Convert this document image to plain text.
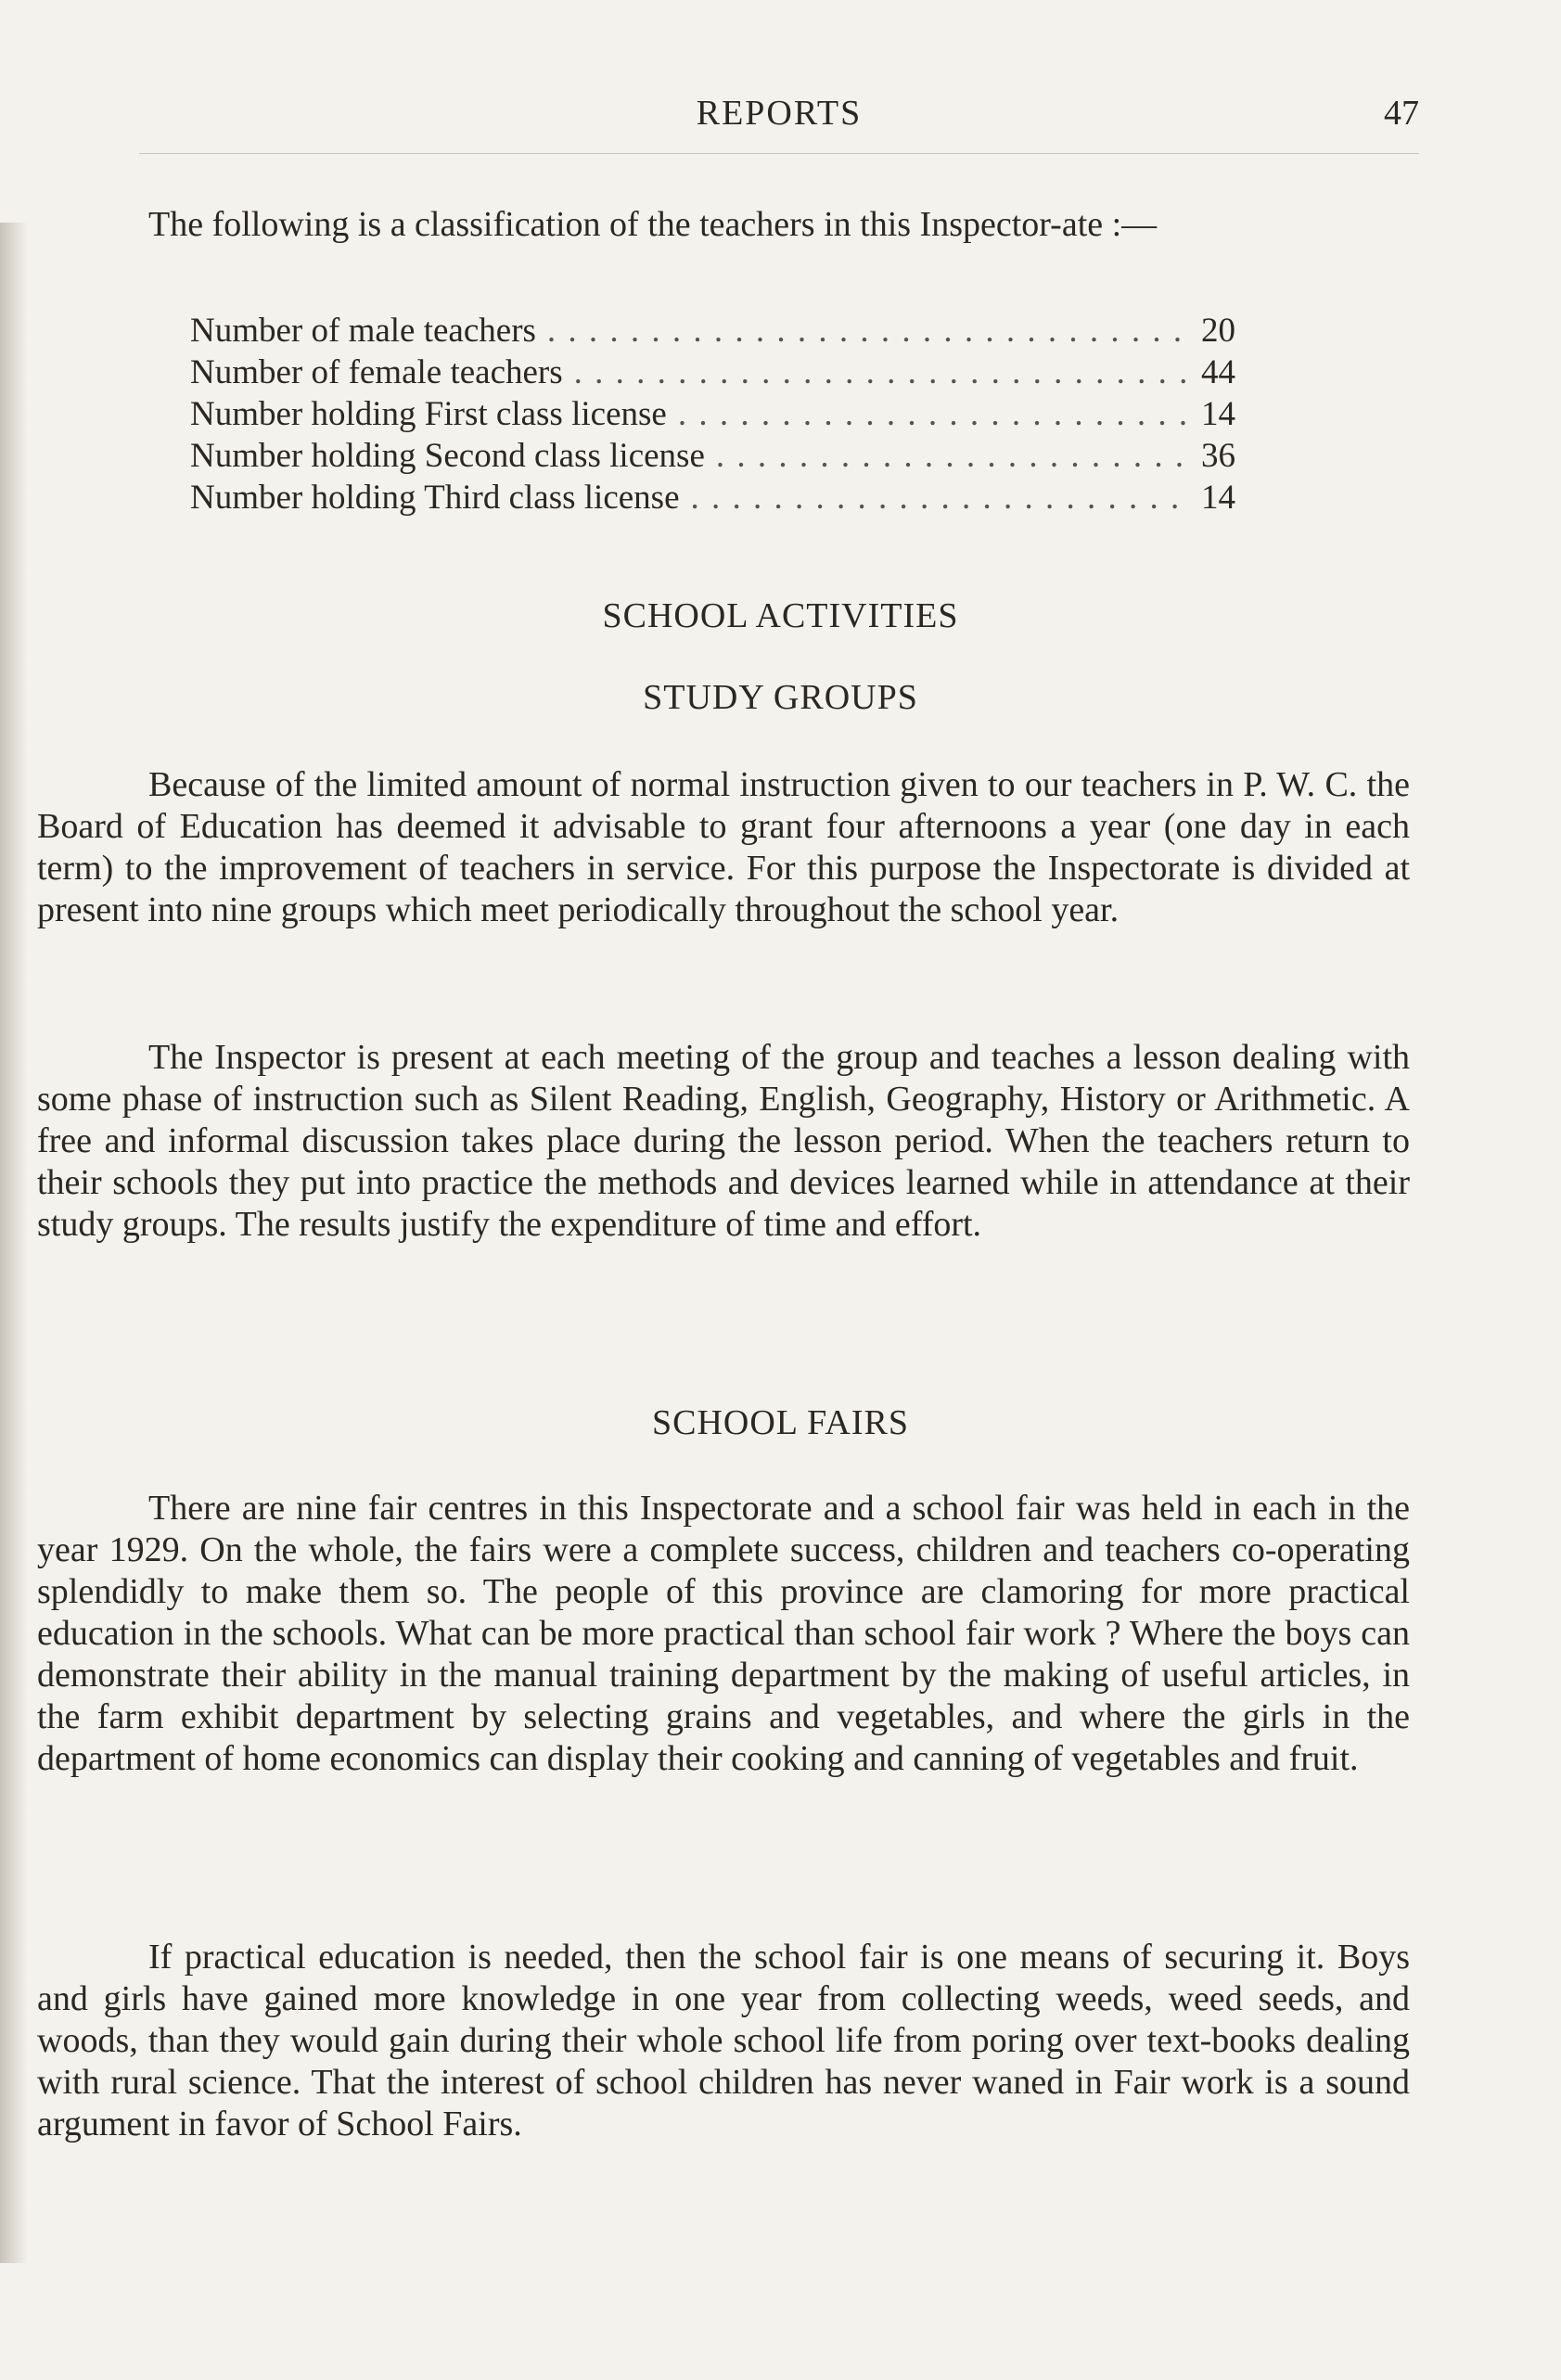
REPORTS	47

The following is a classification of the teachers in this Inspector-ate :—

Number of male teachers . . .	20
Number of female teachers . . .	44
Number holding First class license . . .	14
Number holding Second class license . . .	36
Number holding Third class license . . .	14
SCHOOL ACTIVITIES
STUDY GROUPS

Because of the limited amount of normal instruction given to our teachers in P. W. C. the Board of Education has deemed it advisable to grant four afternoons a year (one day in each term) to the improvement of teachers in service. For this purpose the Inspectorate is divided at present into nine groups which meet periodically throughout the school year.

The Inspector is present at each meeting of the group and teaches a lesson dealing with some phase of instruction such as Silent Reading, English, Geography, History or Arithmetic. A free and informal discussion takes place during the lesson period. When the teachers return to their schools they put into practice the methods and devices learned while in attendance at their study groups. The results justify the expenditure of time and effort.

SCHOOL FAIRS

There are nine fair centres in this Inspectorate and a school fair was held in each in the year 1929. On the whole, the fairs were a complete success, children and teachers co-operating splendidly to make them so. The people of this province are clamoring for more practical education in the schools. What can be more practical than school fair work ? Where the boys can demonstrate their ability in the manual training department by the making of useful articles, in the farm exhibit department by selecting grains and vegetables, and where the girls in the department of home economics can display their cooking and canning of vegetables and fruit.

If practical education is needed, then the school fair is one means of securing it. Boys and girls have gained more knowledge in one year from collecting weeds, weed seeds, and woods, than they would gain during their whole school life from poring over text-books dealing with rural science. That the interest of school children has never waned in Fair work is a sound argument in favor of School Fairs.
